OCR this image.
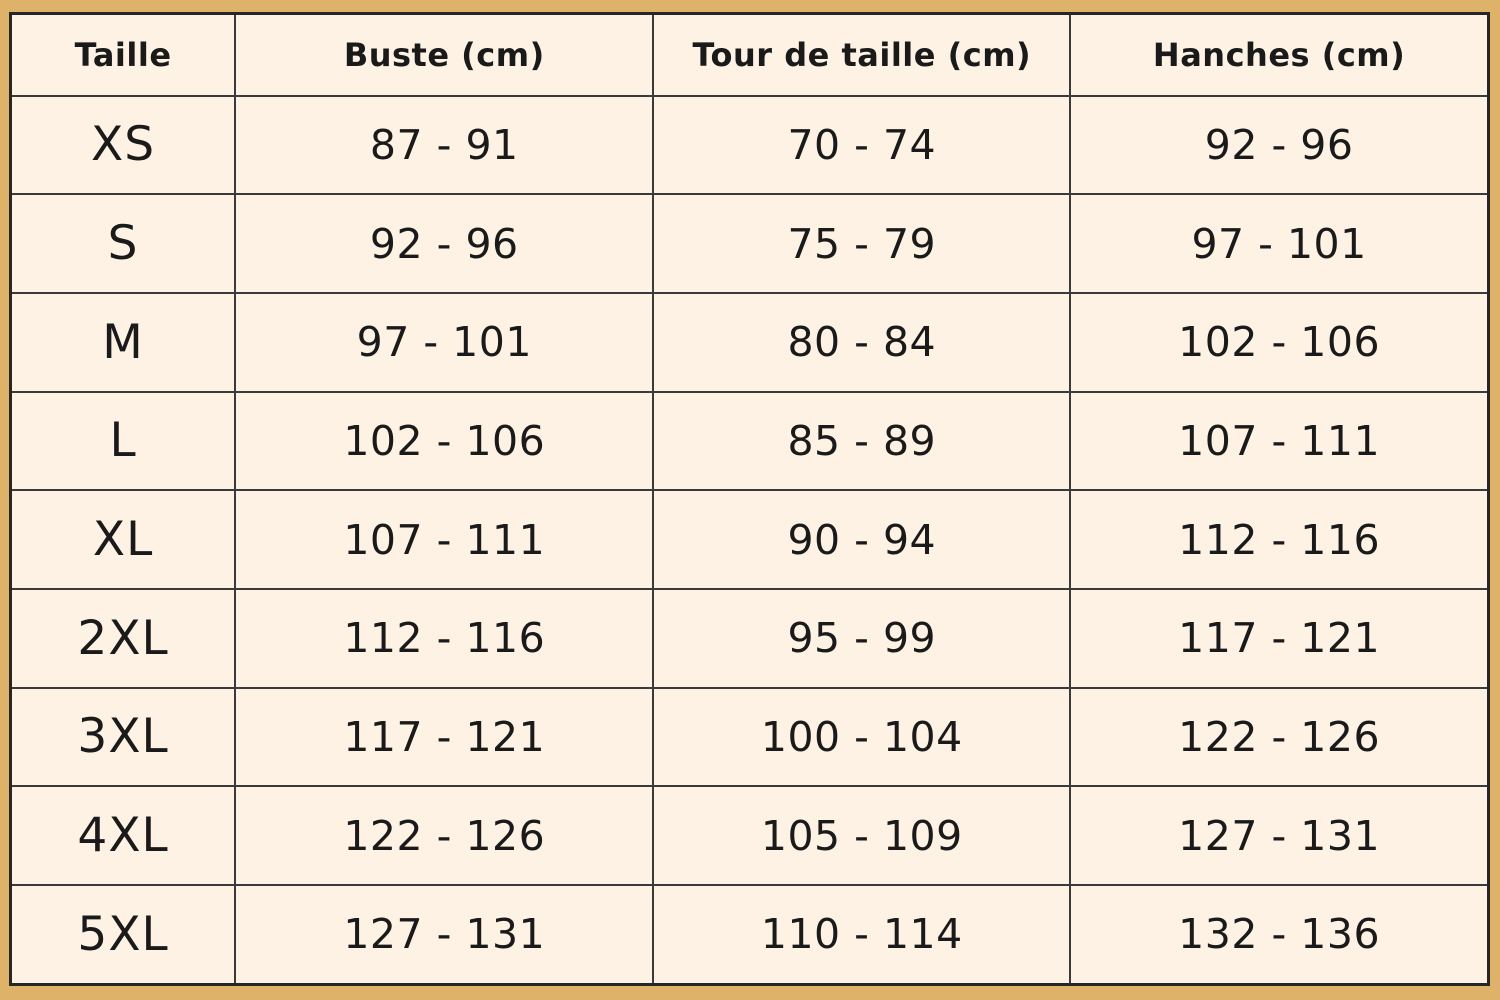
Taille	Buste (cm)	Tour de taille (cm)	Hanches (cm)
XS	87 - 91	70 - 74	92 - 96
S	92 - 96	75 - 79	97 - 101
M	97 - 101	80 - 84	102 - 106
L	102 - 106	85 - 89	107 - 111
XL	107 - 111	90 - 94	112 - 116
2XL	112 - 116	95 - 99	117 - 121
3XL	117 - 121	100 - 104	122 - 126
4XL	122 - 126	105 - 109	127 - 131
5XL	127 - 131	110 - 114	132 - 136
